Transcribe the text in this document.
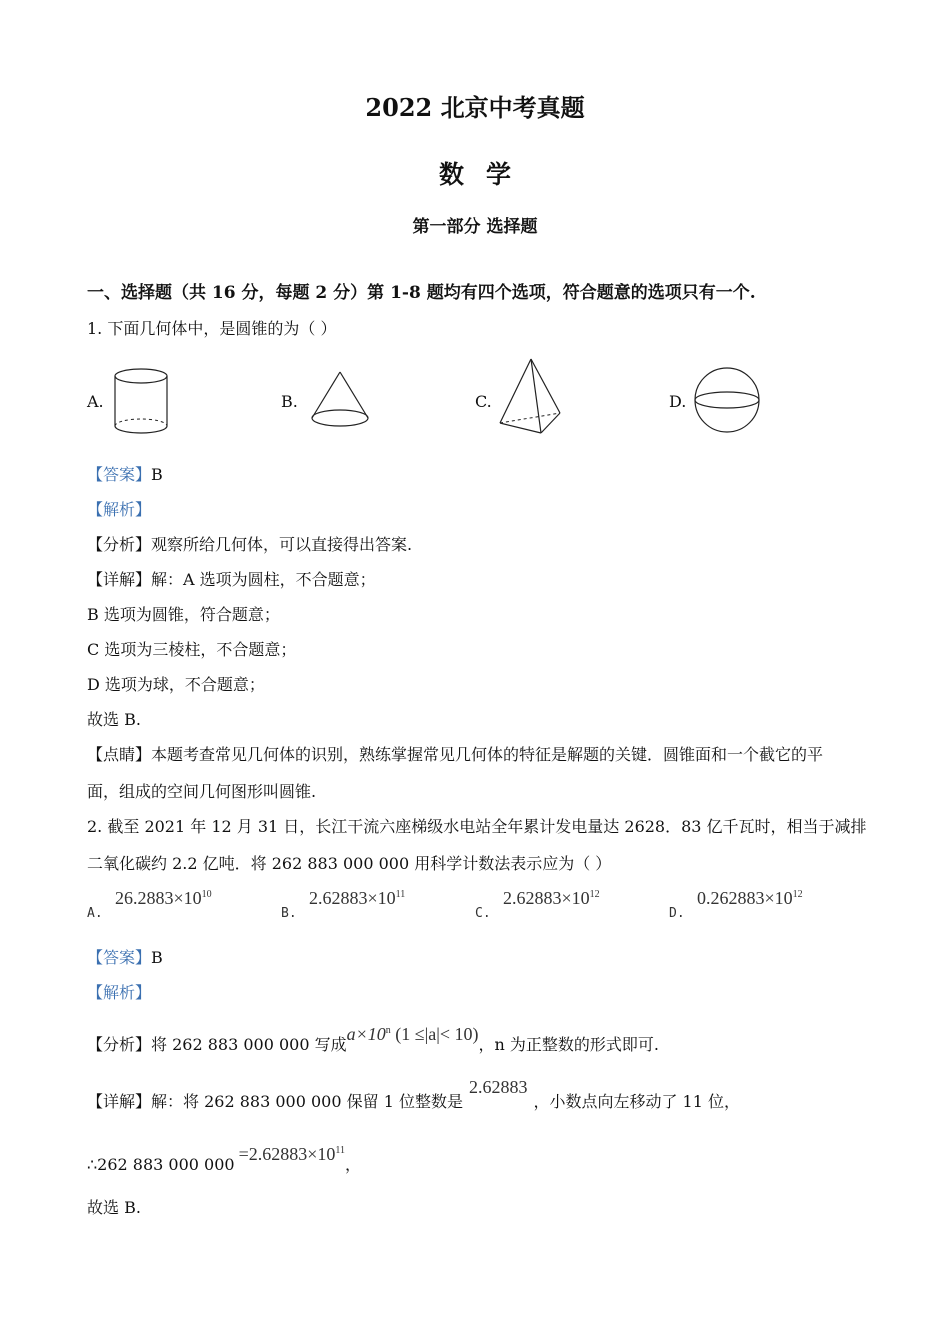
2022 北京中考真题
数学
第一部分 选择题
一、选择题（共 16 分，每题 2 分）第 1-8 题均有四个选项，符合题意的选项只有一个.
1. 下面几何体中，是圆锥的为（ ）
A.	B.	C.	D.
【答案】B
【解析】
【分析】观察所给几何体，可以直接得出答案.
【详解】解：A 选项为圆柱，不合题意；
B 选项为圆锥，符合题意；
C 选项为三棱柱，不合题意；
D 选项为球，不合题意；
故选 B.
【点睛】本题考查常见几何体的识别，熟练掌握常见几何体的特征是解题的关键．圆锥面和一个截它的平
面，组成的空间几何图形叫圆锥.
2. 截至 2021 年 12 月 31 日，长江干流六座梯级水电站全年累计发电量达 2628．83 亿千瓦时，相当于减排
二氧化碳约 2.2 亿吨．将 262 883 000 000 用科学计数法表示应为（ ）
A.
$26.2883\times 10^{10}$
B.
$2.62883\times 10^{11}$
C.
$2.62883\times 10^{12}$
D.
$0.262883\times 10^{12}$
【答案】B
【解析】
【分析】将 262 883 000 000 写成$a\times 10^n$ (1 ≤|a|< 10)，n 为正整数的形式即可.
【详解】解：将 262 883 000 000 保留 1 位整数是2.62883，小数点向左移动了 11 位，
∴262 883 000 $000=2.62883\times 10^{11}$，
故选 B.
